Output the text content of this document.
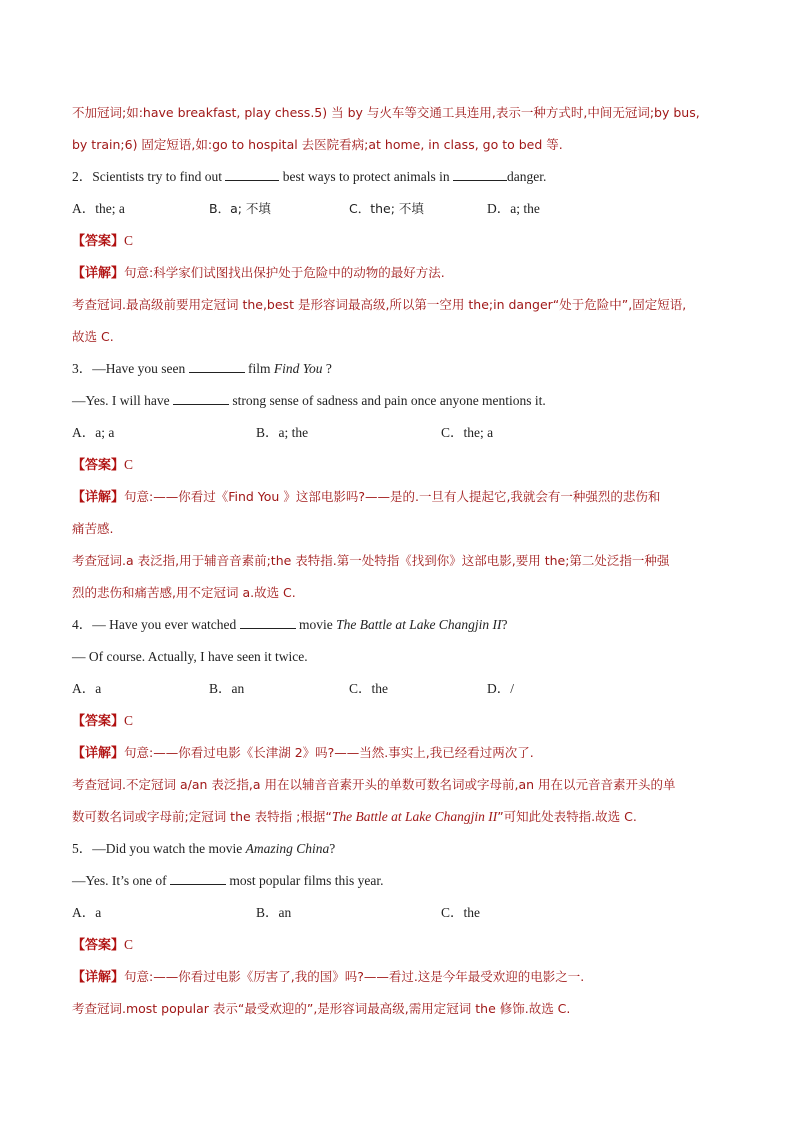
不加冠词;如:have breakfast, play chess.5) 当 by 与火车等交通工具连用,表示一种方式时,中间无冠词;by bus,
by train;6) 固定短语,如:go to hospital 去医院看病;at home, in class, go to bed 等.
2．Scientists try to find out	best ways to protect animals in	danger.
A．the; a	B．a; 不填	C．the; 不填	D．a; the
【答案】C
【详解】句意:科学家们试图找出保护处于危险中的动物的最好方法.
考查冠词.最高级前要用定冠词 the,best 是形容词最高级,所以第一空用 the;in danger“处于危险中”,固定短语,
故选 C.
3．—Have you seen	film Find You ?
—Yes. I will have	strong sense of sadness and pain once anyone mentions it.
A．a; a	B．a; the	C．the; a
【答案】C
【详解】句意:——你看过《Find You 》这部电影吗?——是的.一旦有人提起它,我就会有一种强烈的悲伤和
痛苦感.
考查冠词.a 表泛指,用于辅音音素前;the 表特指.第一处特指《找到你》这部电影,要用 the;第二处泛指一种强
烈的悲伤和痛苦感,用不定冠词 a.故选 C.
4．— Have you ever watched	movie The Battle at Lake Changjin II?
— Of course. Actually, I have seen it twice.
A．a	B．an	C．the	D．/
【答案】C
【详解】句意:——你看过电影《长津湖 2》吗?——当然.事实上,我已经看过两次了.
考查冠词.不定冠词 a/an 表泛指,a 用在以辅音音素开头的单数可数名词或字母前,an 用在以元音音素开头的单
数可数名词或字母前;定冠词 the 表特指 ;根据“The Battle at Lake Changjin II”可知此处表特指.故选 C.
5．—Did you watch the movie Amazing China?
—Yes. It’s one of	most popular films this year.
A．a	B．an	C．the
【答案】C
【详解】句意:——你看过电影《厉害了,我的国》吗?——看过.这是今年最受欢迎的电影之一.
考查冠词.most popular 表示“最受欢迎的”,是形容词最高级,需用定冠词 the 修饰.故选 C.
